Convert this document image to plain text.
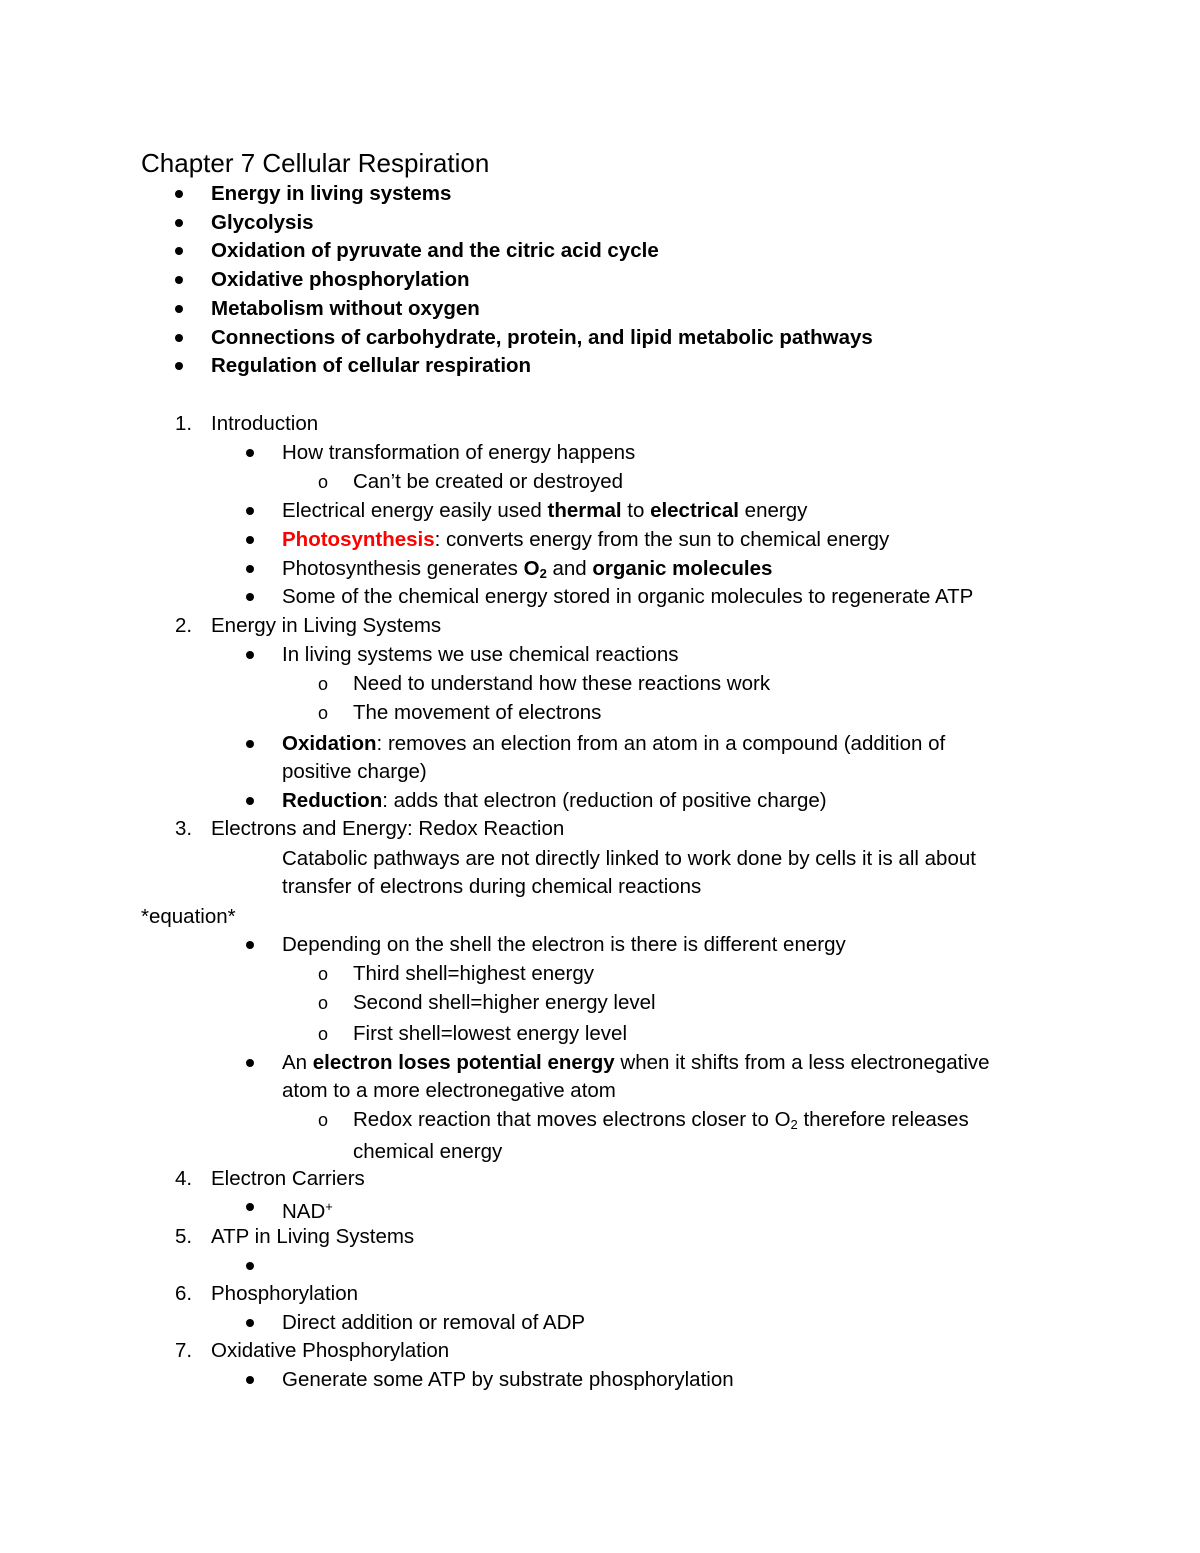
Chapter 7 Cellular Respiration
Energy in living systems
Glycolysis
Oxidation of pyruvate and the citric acid cycle
Oxidative phosphorylation
Metabolism without oxygen
Connections of carbohydrate, protein, and lipid metabolic pathways
Regulation of cellular respiration
1. Introduction
How transformation of energy happens
o Can’t be created or destroyed
Electrical energy easily used thermal to electrical energy
Photosynthesis: converts energy from the sun to chemical energy
Photosynthesis generates $O_2$ and organic molecules
Some of the chemical energy stored in organic molecules to regenerate ATP
2. Energy in Living Systems
In living systems we use chemical reactions
o Need to understand how these reactions work
o The movement of electrons
Oxidation: removes an election from an atom in a compound (addition of
positive charge)
Reduction: adds that electron (reduction of positive charge)
3. Electrons and Energy: Redox Reaction
Catabolic pathways are not directly linked to work done by cells it is all about
transfer of electrons during chemical reactions
*equation*
Depending on the shell the electron is there is different energy
o Third shell=highest energy
o Second shell=higher energy level
o First shell=lowest energy level
An electron loses potential energy when it shifts from a less electronegative
atom to a more electronegative atom
o Redox reaction that moves electrons closer to $O_2$ therefore releases
chemical energy
4. Electron Carriers
NAD+
5. ATP in Living Systems
6. Phosphorylation
Direct addition or removal of ADP
7. Oxidative Phosphorylation
Generate some ATP by substrate phosphorylation
